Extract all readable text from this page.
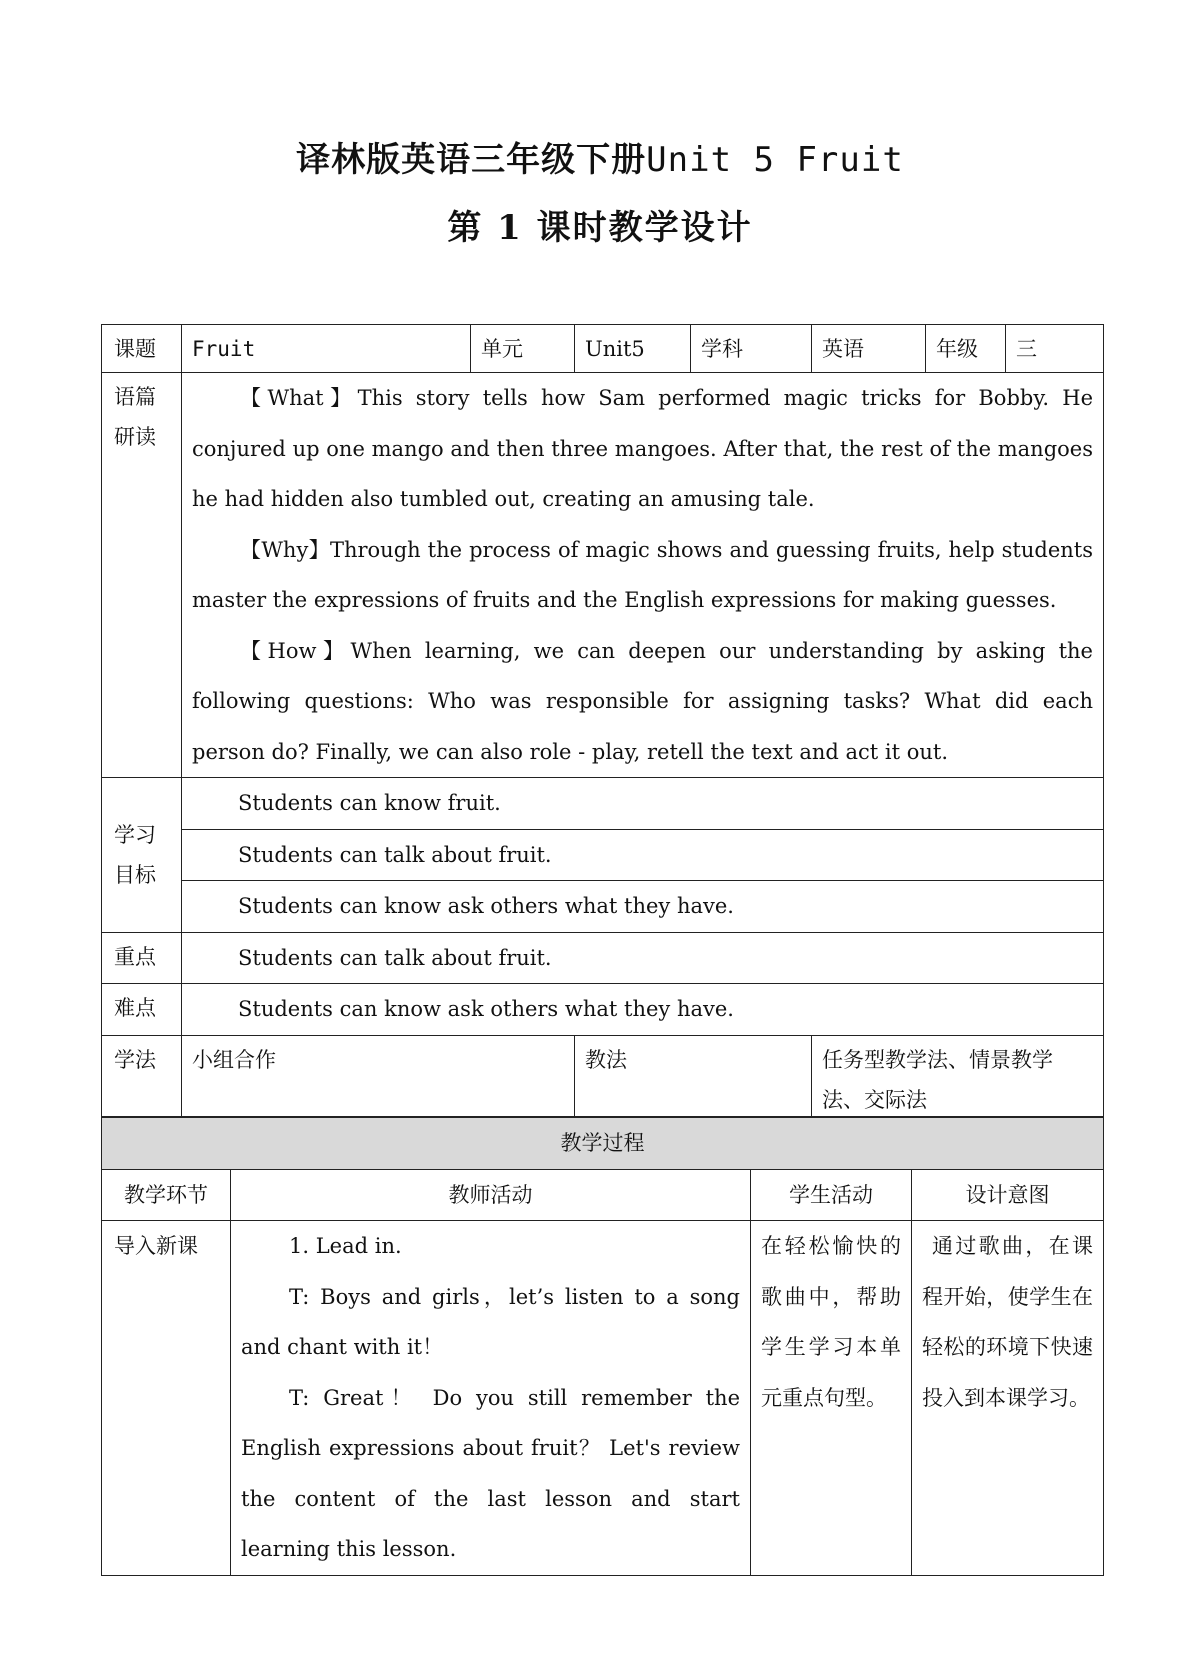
译林版英语三年级下册Unit 5 Fruit
第 1 课时教学设计
课题	Fruit	单元	Unit5	学科	英语	年级	三
语篇研读	【What】This story tells how Sam performed magic tricks for Bobby. He conjured up one mango and then three mangoes. After that, the rest of the mangoes he had hidden also tumbled out, creating an amusing tale.

【Why】Through the process of magic shows and guessing fruits, help students master the expressions of fruits and the English expressions for making guesses.

【How】When learning, we can deepen our understanding by asking the following questions: Who was responsible for assigning tasks? What did each person do? Finally, we can also role - play, retell the text and act it out.						

学习目标	Students can know fruit.						
	Students can talk about fruit.						
	Students can know ask others what they have.						
重点	Students can talk about fruit.						
难点	Students can know ask others what they have.						
学法	小组合作		教法		任务型教学法、情景教学法、交际法		
教学过程			
教学环节	教师活动	学生活动	设计意图
导入新课	1. Lead in.

T: Boys and girls，let’s listen to a song and chant with it！

T: Great！ Do you still remember the English expressions about fruit？ Let's review the content of the last lesson and start learning this lesson.	在轻松愉快的歌曲中，帮助学生学习本单元重点句型。	通过歌曲，在课程开始，使学生在轻松的环境下快速投入到本课学习。
